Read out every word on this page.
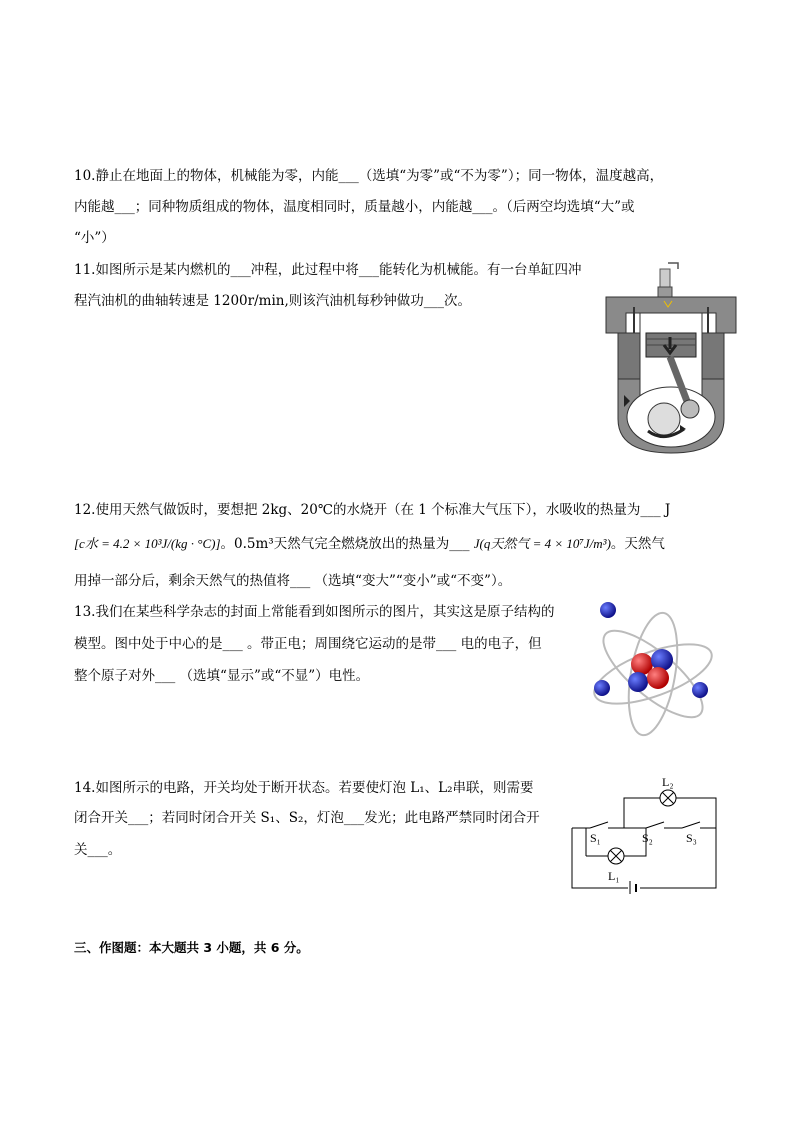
10.静止在地面上的物体，机械能为零，内能___（选填“为零”或“不为零”）；同一物体，温度越高，
内能越___；同种物质组成的物体，温度相同时，质量越小，内能越___。（后两空均选填“大”或
“小”）
11.如图所示是某内燃机的___冲程，此过程中将___能转化为机械能。有一台单缸四冲
程汽油机的曲轴转速是 1200r/min,则该汽油机每秒钟做功___次。
12.使用天然气做饭时，要想把 2kg、20℃的水烧开（在 1 个标准大气压下），水吸收的热量为___ J
[c水 = 4.2 × 10³J/(kg · °C)]。0.5m³天然气完全燃烧放出的热量为___ J(q天然气 = 4 × 10⁷J/m³)。天然气
用掉一部分后，剩余天然气的热值将___ （选填“变大”“变小”或“不变”）。
13.我们在某些科学杂志的封面上常能看到如图所示的图片，其实这是原子结构的
模型。图中处于中心的是___ 。带正电；周围绕它运动的是带___ 电的电子，但
整个原子对外___ （选填“显示”或“不显”）电性。
14.如图所示的电路，开关均处于断开状态。若要使灯泡 L₁、L₂串联，则需要
闭合开关___；若同时闭合开关 S₁、S₂，灯泡___发光；此电路严禁同时闭合开
关___。
L₂
S₁	S₂	S₃
L₁
三、作图题：本大题共 3 小题，共 6 分。
